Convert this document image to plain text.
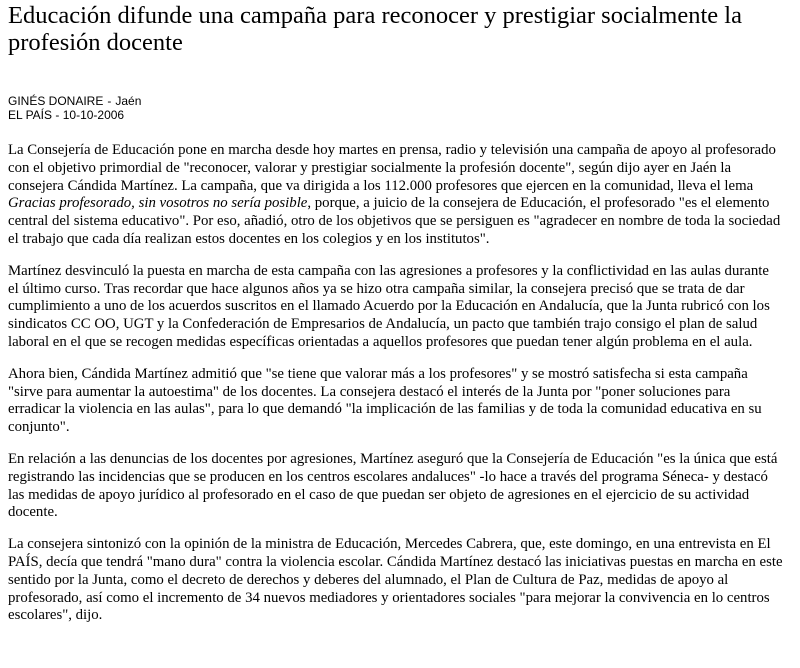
Educación difunde una campaña para reconocer y prestigiar socialmente la profesión docente
GINÉS DONAIRE - Jaén
EL PAÍS - 10-10-2006

La Consejería de Educación pone en marcha desde hoy martes en prensa, radio y televisión una campaña de apoyo al profesorado con el objetivo primordial de "reconocer, valorar y prestigiar socialmente la profesión docente", según dijo ayer en Jaén la consejera Cándida Martínez. La campaña, que va dirigida a los 112.000 profesores que ejercen en la comunidad, lleva el lema Gracias profesorado, sin vosotros no sería posible, porque, a juicio de la consejera de Educación, el profesorado "es el elemento central del sistema educativo". Por eso, añadió, otro de los objetivos que se persiguen es "agradecer en nombre de toda la sociedad el trabajo que cada día realizan estos docentes en los colegios y en los institutos".

Martínez desvinculó la puesta en marcha de esta campaña con las agresiones a profesores y la conflictividad en las aulas durante el último curso. Tras recordar que hace algunos años ya se hizo otra campaña similar, la consejera precisó que se trata de dar cumplimiento a uno de los acuerdos suscritos en el llamado Acuerdo por la Educación en Andalucía, que la Junta rubricó con los sindicatos CC OO, UGT y la Confederación de Empresarios de Andalucía, un pacto que también trajo consigo el plan de salud laboral en el que se recogen medidas específicas orientadas a aquellos profesores que puedan tener algún problema en el aula.

Ahora bien, Cándida Martínez admitió que "se tiene que valorar más a los profesores" y se mostró satisfecha si esta campaña "sirve para aumentar la autoestima" de los docentes. La consejera destacó el interés de la Junta por "poner soluciones para erradicar la violencia en las aulas", para lo que demandó "la implicación de las familias y de toda la comunidad educativa en su conjunto".

En relación a las denuncias de los docentes por agresiones, Martínez aseguró que la Consejería de Educación "es la única que está registrando las incidencias que se producen en los centros escolares andaluces" -lo hace a través del programa Séneca- y destacó las medidas de apoyo jurídico al profesorado en el caso de que puedan ser objeto de agresiones en el ejercicio de su actividad docente.

La consejera sintonizó con la opinión de la ministra de Educación, Mercedes Cabrera, que, este domingo, en una entrevista en El PAÍS, decía que tendrá "mano dura" contra la violencia escolar. Cándida Martínez destacó las iniciativas puestas en marcha en este sentido por la Junta, como el decreto de derechos y deberes del alumnado, el Plan de Cultura de Paz, medidas de apoyo al profesorado, así como el incremento de 34 nuevos mediadores y orientadores sociales "para mejorar la convivencia en lo centros escolares", dijo.
